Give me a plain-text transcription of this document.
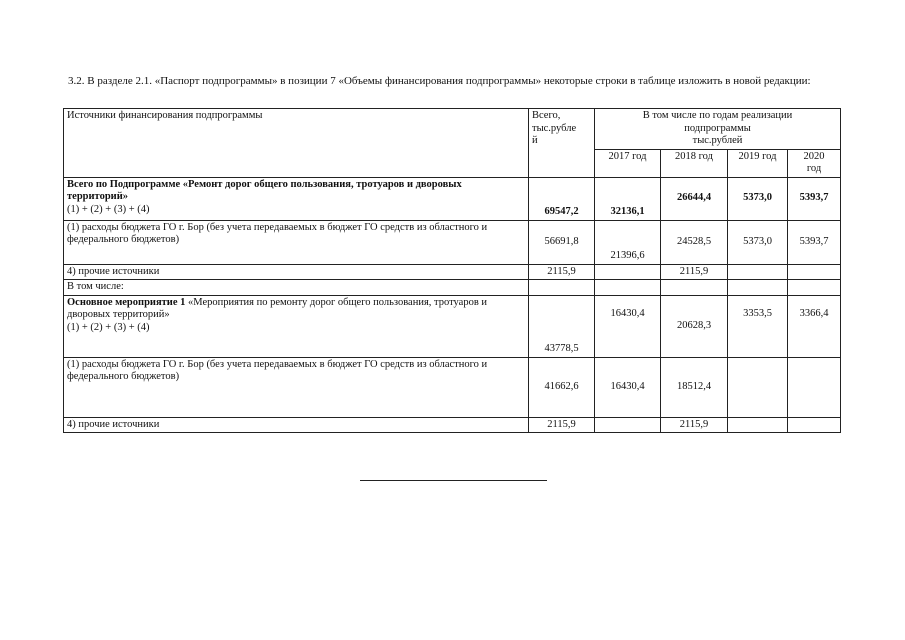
3.2. В разделе 2.1. «Паспорт подпрограммы» в позиции 7 «Объемы финансирования подпрограммы» некоторые строки в таблице изложить в новой редакции:
Источники финансирования подпрограммы	Всего,
тыс.рубле
й	В том числе по годам реализации
подпрограммы
тыс.рублей			
		2017 год	2018 год	2019 год	2020
год
Всего по Подпрограмме «Ремонт дорог общего пользования, тротуаров и дворовых территорий»
(1) + (2) + (3) + (4)	69547,2	32136,1	26644,4	5373,0	5393,7
(1) расходы бюджета ГО г. Бор (без учета передаваемых в бюджет ГО средств из областного и федерального бюджетов)	56691,8	21396,6	24528,5	5373,0	5393,7
4) прочие источники	2115,9		2115,9		
В том числе:					
Основное мероприятие 1 «Мероприятия по ремонту дорог общего пользования, тротуаров и дворовых территорий»
(1) + (2) + (3) + (4)	43778,5	16430,4	20628,3	3353,5	3366,4
(1) расходы бюджета ГО г. Бор (без учета передаваемых в бюджет ГО средств из областного и федерального бюджетов)	41662,6	16430,4	18512,4		
4) прочие источники	2115,9		2115,9		
